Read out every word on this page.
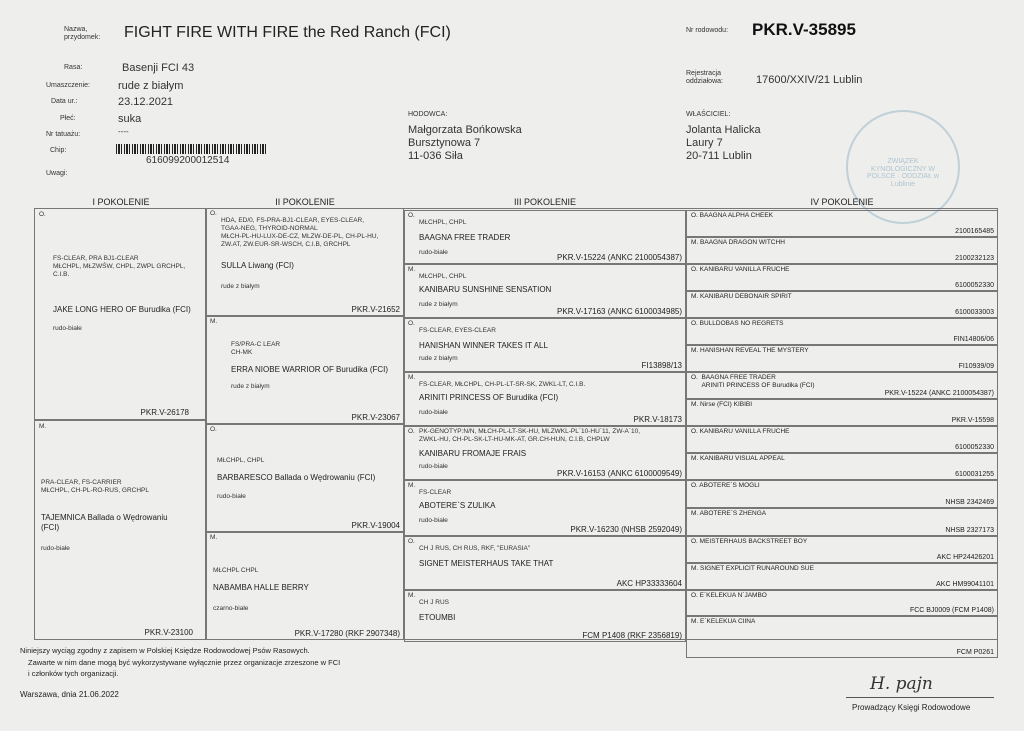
Nazwa, przydomek: FIGHT FIRE WITH FIRE the Red Ranch (FCI)	Nr rodowodu: PKR.V-35895
Rasa:	Basenji FCI 43
Umaszczenie:	rude z białym
Data ur.:	23.12.2021
Płeć:	suka
Nr tatuażu:	----
Chip:
616099200012514
Uwagi:
Rejestracja oddziałowa:	17600/XXIV/21 Lublin
HODOWCA:
Małgorzata Bońkowska
Bursztynowa 7
11-036 Siła
WŁAŚCICIEL:
Jolanta Halicka
Laury 7
20-711 Lublin	ZWIĄZEK KYNOLOGICZNY W POLSCE · ODDZIAŁ w Lublinie
I POKOLENIE	II POKOLENIE	III POKOLENIE	IV POKOLENIE
O.
FS-CLEAR, PRA BJ1-CLEAR
MŁCHPL, MŁZWŚW, CHPL, ZWPL GRCHPL,
C.I.B.
JAKE LONG HERO OF Burudika (FCI)
rudo-białe
PKR.V-26178
M.
PRA-CLEAR, FS-CARRIER
MŁCHPL, CH-PL-RO-RUS, GRCHPL
TAJEMNICA Ballada o Wędrowaniu
(FCI)
rudo-białe
PKR.V-23100
O.
HDA, ED/0, FS-PRA-BJ1-CLEAR, EYES-CLEAR,
TGAA-NEG, THYROID-NORMAL
MŁCH-PL-HU-LUX-DE-CZ, MLZW-DE-PL, CH-PL-HU,
ZW.AT, ZW.EUR-SR-WSCH, C.I.B, GRCHPL
SULLA Liwang (FCI)
rude z białym
PKR.V-21652
M.
FS/PRA-C LEAR
CH-MK
ERRA NIOBE WARRIOR OF Burudika (FCI)
rude z białym
PKR.V-23067
O.
MŁCHPL, CHPL
BARBARESCO Ballada o Wędrowaniu (FCI)
rudo-białe
PKR.V-19004
M.
MŁCHPL CHPL
NABAMBA HALLE BERRY
czarno-białe
PKR.V-17280 (RKF 2907348)
O.
MŁCHPL, CHPL
BAAGNA FREE TRADER
rudo-białe
PKR.V-15224 (ANKC 2100054387)
M.
MŁCHPL, CHPL
KANIBARU SUNSHINE SENSATION
rude z białym
PKR.V-17163 (ANKC 6100034985)
O.
FS-CLEAR, EYES-CLEAR
HANISHAN WINNER TAKES IT ALL
rude z białym
FI13898/13
M.
FS-CLEAR, MŁCHPL, CH-PL-LT-SR-SK, ZWKL-LT, C.I.B.
ARINITI PRINCESS OF Burudika (FCI)
rudo-białe
PKR.V-18173
O. PK-GENOTYP:N/N, MŁCH-PL-LT-SK-HU, MLZWKL-PL`10-HU`11, ZW-A`10,
ZWKL-HU, CH-PL-SK-LT-HU-MK-AT, GR.CH-HUN, C.I.B, CHPLW
KANIBARU FROMAJE FRAIS
rudo-białe
PKR.V-16153 (ANKC 6100009549)
M.
FS-CLEAR
ABOTERE`S ZULIKA
rudo-białe
PKR.V-16230 (NHSB 2592049)
O.
CH J RUS, CH RUS, RKF, "EURASIA"
SIGNET MEISTERHAUS TAKE THAT
AKC HP33333604
M.
CH J RUS
ETOUMBI
FCM P1408 (RKF 2356819)
O. BAAGNA ALPHA CHEEK
2100165485
M. BAAGNA DRAGON WITCHH
2100232123
O. KANIBARU VANILLA FRUCHE
6100052330
M. KANIBARU DEBONAIR SPIRIT
6100033003
O. BULLDOBAS NO REGRETS
FIN14806/06
M. HANISHAN REVEAL THE MYSTERY
FI10939/09
O.  BAAGNA FREE TRADER
ARINITI PRINCESS OF Burudika (FCI)
PKR.V-15224 (ANKC 2100054387)
M. Nirse (FCI) KIBIBI
PKR.V-15598
O. KANIBARU VANILLA FRUCHE
6100052330
M. KANIBARU VISUAL APPEAL
6100031255
O. ABOTERE`S MOGLI
NHSB 2342469
M. ABOTERE`S ZHENGA
NHSB 2327173
O. MEISTERHAUS BACKSTREET BOY
AKC HP24426201
M. SIGNET EXPLICIT RUNAROUND SUE
AKC HM99041101
O. E`KELEKUA N`JAMBO
FCC BJ0009 (FCM P1408)
M. E`KELEKUA CIINA
FCM P0261
Niniejszy wyciąg zgodny z zapisem w Polskiej Księdze Rodowodowej Psów Rasowych.
Zawarte w nim dane mogą być wykorzystywane wyłącznie przez organizacje zrzeszone w FCI
i członków tych organizacji.
Warszawa, dnia 21.06.2022
H. pajn
Prowadzący Księgi Rodowodowe
